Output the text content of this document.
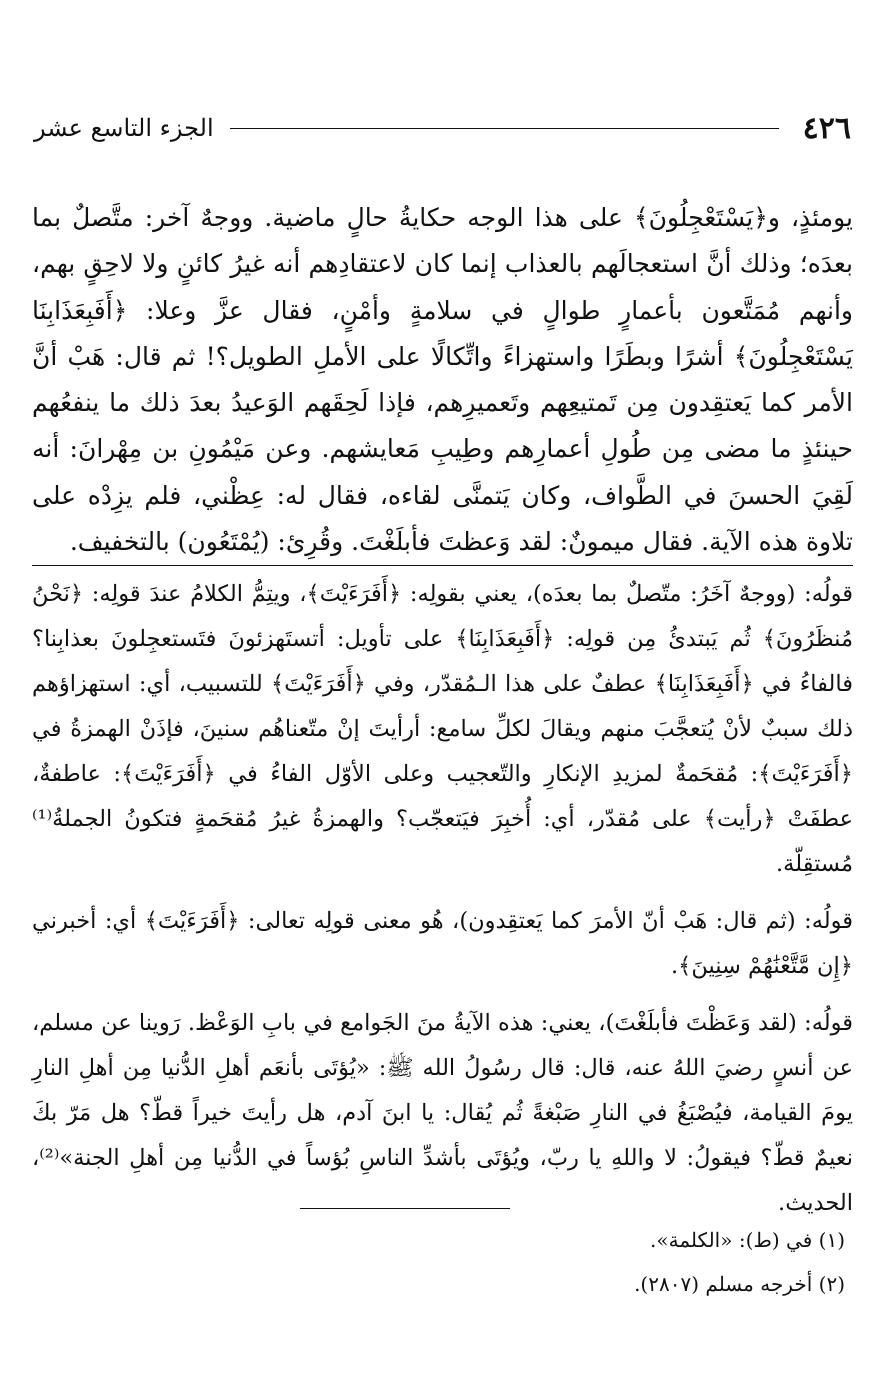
٤٢٦
الجزء التاسع عشر

يومئذٍ، و﴿يَسْتَعْجِلُونَ﴾ على هذا الوجه حكايةُ حالٍ ماضية. ووجهٌ آخر: متَّصلٌ بما بعدَه؛ وذلك أنَّ استعجالَهم بالعذاب إنما كان لاعتقادِهم أنه غيرُ كائنٍ ولا لاحِقٍ بهم، وأنهم مُمَتَّعون بأعمارٍ طوالٍ في سلامةٍ وأمْنٍ، فقال عزَّ وعلا: ﴿أَفَبِعَذَابِنَا يَسْتَعْجِلُونَ﴾ أشرًا وبطَرًا واستهزاءً واتِّكالًا على الأملِ الطويل؟! ثم قال: هَبْ أنَّ الأمر كما يَعتقِدون مِن تَمتيعِهم وتَعميرِهم، فإذا لَحِقَهم الوَعيدُ بعدَ ذلك ما ينفعُهم حينئذٍ ما مضى مِن طُولِ أعمارِهم وطِيبِ مَعايشهم. وعن مَيْمُونِ بن مِهْرانَ: أنه لَقِيَ الحسنَ في الطَّواف، وكان يَتمنَّى لقاءه، فقال له: عِظْني، فلم يزِدْه على تلاوة هذه الآية. فقال ميمونٌ: لقد وَعظتَ فأبلَغْتَ. وقُرِئ: (يُمْتَعُون) بالتخفيف.

قولُه: (ووجهٌ آخَرُ: متّصلٌ بما بعدَه)، يعني بقولِه: ﴿أَفَرَءَيْتَ﴾، ويتِمُّ الكلامُ عندَ قولِه: ﴿نَحْنُ مُنظَرُونَ﴾ ثُم يَبتدئُ مِن قولِه: ﴿أَفَبِعَذَابِنَا﴾ على تأويل: أتستَهزئونَ فتَستعجِلونَ بعذابِنا؟ فالفاءُ في ﴿أَفَبِعَذَابِنَا﴾ عطفٌ على هذا الـمُقدّر، وفي ﴿أَفَرَءَيْتَ﴾ للتسبيب، أي: استهزاؤهم ذلك سببٌ لأنْ يُتعجَّبَ منهم ويقالَ لكلِّ سامع: أرأيتَ إنْ متّعناهُم سنينَ، فإذَنْ الهمزةُ في ﴿أَفَرَءَيْتَ﴾: مُقحَمةٌ لمزيدِ الإنكارِ والتّعجيب وعلى الأوّل الفاءُ في ﴿أَفَرَءَيْتَ﴾: عاطفةٌ، عطفَتْ ﴿رأيت﴾ على مُقدّر، أي: أُخبِرَ فيَتعجّب؟ والهمزةُ غيرُ مُقحَمةٍ فتكونُ الجملةُ⁽¹⁾ مُستقِلّة.

قولُه: (ثم قال: هَبْ أنّ الأمرَ كما يَعتقِدون)، هُو معنى قولِه تعالى: ﴿أَفَرَءَيْتَ﴾ أي: أخبرني ﴿إِن مَّتَّعْنَٰهُمْ سِنِينَ﴾.

قولُه: (لقد وَعَظْتَ فأبلَغْتَ)، يعني: هذه الآيةُ منَ الجَوامع في بابِ الوَعْظ. رَوينا عن مسلم، عن أنسٍ رضيَ اللهُ عنه، قال: قال رسُولُ الله ﷺ: «يُؤتَى بأنعَم أهلِ الدُّنيا مِن أهلِ النارِ يومَ القيامة، فيُصْبَغُ في النارِ صَبْغةً ثُم يُقال: يا ابنَ آدم، هل رأيتَ خيراً قطّ؟ هل مَرّ بكَ نعيمٌ قطّ؟ فيقولُ: لا واللهِ يا ربّ، ويُؤتَى بأشدِّ الناسِ بُؤساً في الدُّنيا مِن أهلِ الجنة»⁽²⁾، الحديث.

(١) في (ط): «الكلمة».

(٢) أخرجه مسلم (٢٨٠٧).
